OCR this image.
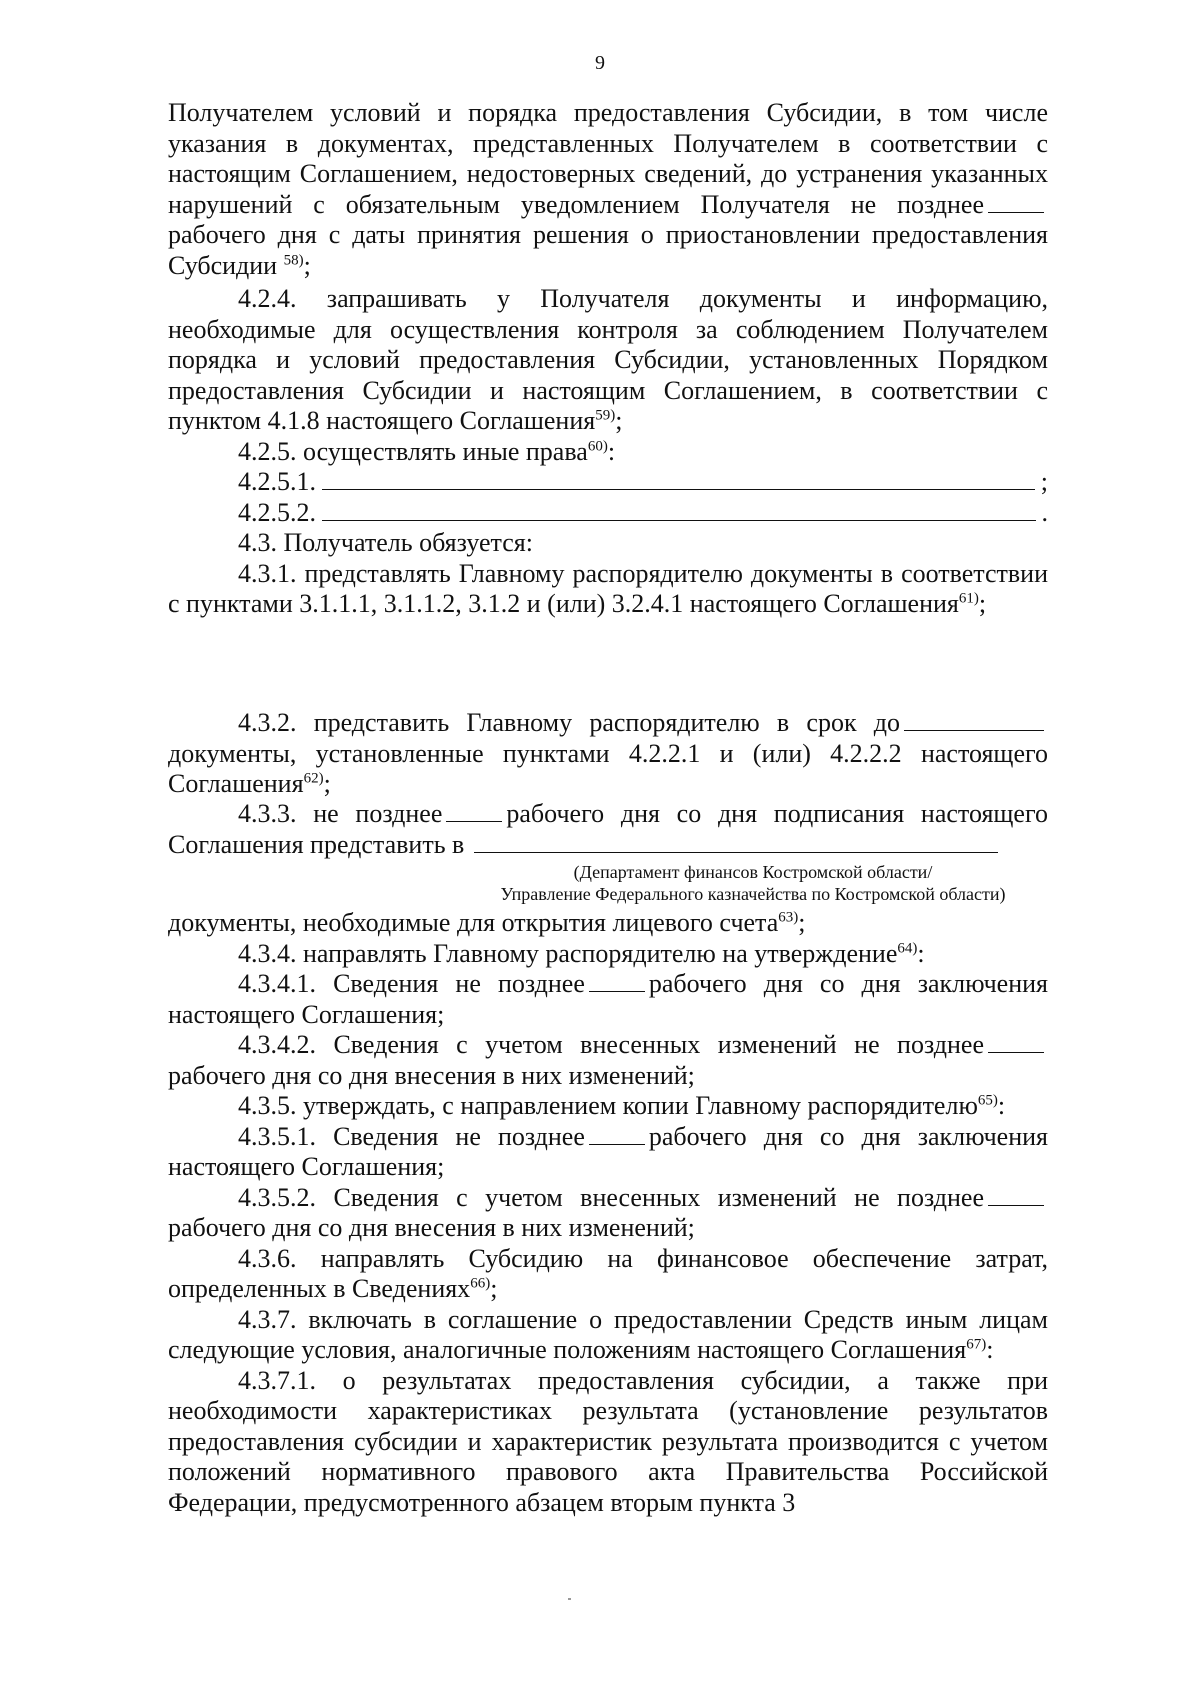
9

Получателем условий и порядка предоставления Субсидии, в том числе указания в документах, представленных Получателем в соответствии с настоящим Соглашением, недостоверных сведений, до устранения указанных нарушений с обязательным уведомлением Получателя не позднеерабочего дня с даты принятия решения о приостановлении предоставления Субсидии $^{58)}$;

4.2.4. запрашивать у Получателя документы и информацию, необходимые для осуществления контроля за соблюдением Получателем порядка и условий предоставления Субсидии, установленных Порядком предоставления Субсидии и настоящим Соглашением, в соответствии с пунктом 4.1.8 настоящего Соглашения$^{59)}$;

4.2.5. осуществлять иные права$^{60)}$:

4.2.5.1.	;
4.2.5.2.	.

4.3. Получатель обязуется:

4.3.1. представлять Главному распорядителю документы в соответствии с пунктами 3.1.1.1, 3.1.1.2, 3.1.2 и (или) 3.2.4.1 настоящего Соглашения$^{61)}$;

4.3.2. представить Главному распорядителю в срок до документы, установленные пунктами 4.2.2.1 и (или) 4.2.2.2 настоящего Соглашения$^{62)}$;

4.3.3. не позднее рабочего дня со дня подписания настоящего Соглашения представить в

(Департамент финансов Костромской области/
Управление Федерального казначейства по Костромской области)

документы, необходимые для открытия лицевого счета$^{63)}$;

4.3.4. направлять Главному распорядителю на утверждение$^{64)}$:

4.3.4.1. Сведения не позднее рабочего дня со дня заключения настоящего Соглашения;

4.3.4.2. Сведения с учетом внесенных изменений не позднеерабочего дня со дня внесения в них изменений;

4.3.5. утверждать, с направлением копии Главному распорядителю$^{65)}$:

4.3.5.1. Сведения не позднее рабочего дня со дня заключения настоящего Соглашения;

4.3.5.2. Сведения с учетом внесенных изменений не позднеерабочего дня со дня внесения в них изменений;

4.3.6. направлять Субсидию на финансовое обеспечение затрат, определенных в Сведениях$^{66)}$;

4.3.7. включать в соглашение о предоставлении Средств иным лицам следующие условия, аналогичные положениям настоящего Соглашения$^{67)}$:

4.3.7.1. о результатах предоставления субсидии, а также при необходимости характеристиках результата (установление результатов предоставления субсидии и характеристик результата производится с учетом положений нормативного правового акта Правительства Российской Федерации, предусмотренного абзацем вторым пункта 3
